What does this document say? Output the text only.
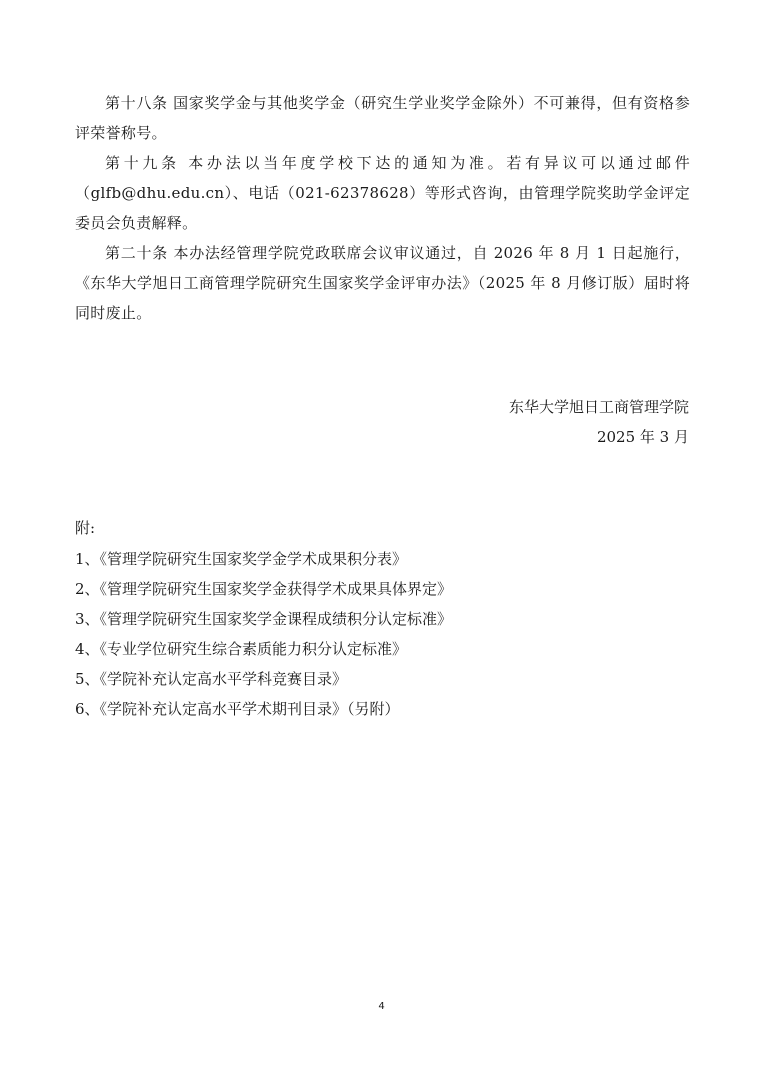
第十八条 国家奖学金与其他奖学金（研究生学业奖学金除外）不可兼得，但有资格参评荣誉称号。

第十九条 本办法以当年度学校下达的通知为准。若有异议可以通过邮件（glfb@dhu.edu.cn）、电话（021-62378628）等形式咨询，由管理学院奖助学金评定委员会负责解释。

第二十条 本办法经管理学院党政联席会议审议通过，自 2026 年 8 月 1 日起施行，《东华大学旭日工商管理学院研究生国家奖学金评审办法》（2025 年 8 月修订版）届时将同时废止。

东华大学旭日工商管理学院
2025 年 3 月
附:
1、《管理学院研究生国家奖学金学术成果积分表》
2、《管理学院研究生国家奖学金获得学术成果具体界定》
3、《管理学院研究生国家奖学金课程成绩积分认定标准》
4、《专业学位研究生综合素质能力积分认定标准》
5、《学院补充认定高水平学科竞赛目录》
6、《学院补充认定高水平学术期刊目录》（另附）
4
